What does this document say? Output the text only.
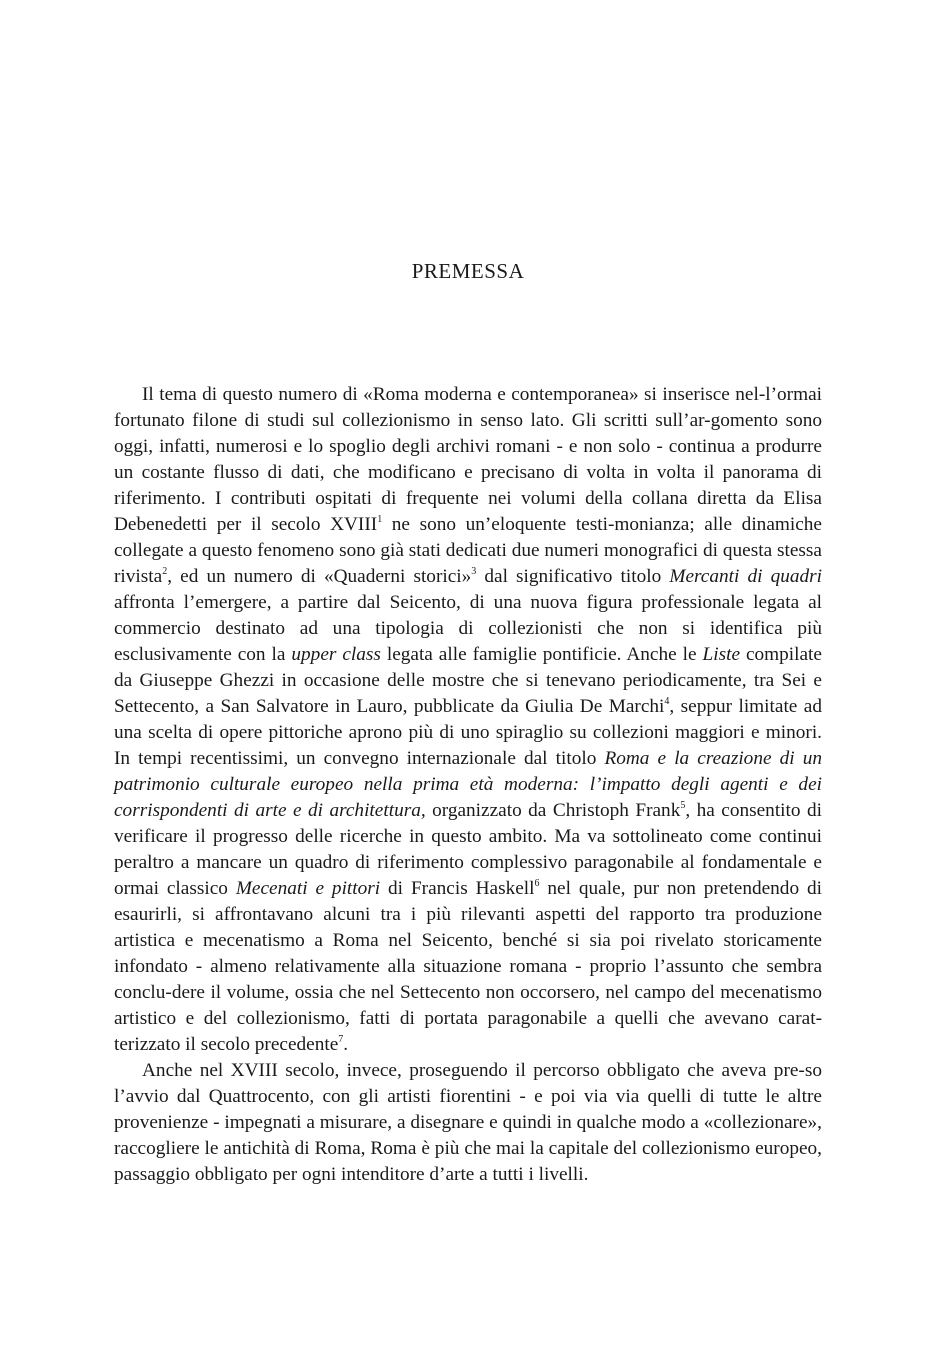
PREMESSA

Il tema di questo numero di «Roma moderna e contemporanea» si inserisce nel-l’ormai fortunato filone di studi sul collezionismo in senso lato. Gli scritti sull’ar-gomento sono oggi, infatti, numerosi e lo spoglio degli archivi romani - e non solo - continua a produrre un costante flusso di dati, che modificano e precisano di volta in volta il panorama di riferimento. I contributi ospitati di frequente nei volumi della collana diretta da Elisa Debenedetti per il secolo XVIII$^1$ ne sono un’eloquente testi-monianza; alle dinamiche collegate a questo fenomeno sono già stati dedicati due numeri monografici di questa stessa rivista$^2$, ed un numero di «Quaderni storici»$^3$ dal significativo titolo Mercanti di quadri affronta l’emergere, a partire dal Seicento, di una nuova figura professionale legata al commercio destinato ad una tipologia di collezionisti che non si identifica più esclusivamente con la upper class legata alle famiglie pontificie. Anche le Liste compilate da Giuseppe Ghezzi in occasione delle mostre che si tenevano periodicamente, tra Sei e Settecento, a San Salvatore in Lauro, pubblicate da Giulia De Marchi$^4$, seppur limitate ad una scelta di opere pittoriche aprono più di uno spiraglio su collezioni maggiori e minori. In tempi recentissimi, un convegno internazionale dal titolo Roma e la creazione di un patrimonio culturale europeo nella prima età moderna: l’impatto degli agenti e dei corrispondenti di arte e di architettura, organizzato da Christoph Frank$^5$, ha consentito di verificare il progresso delle ricerche in questo ambito. Ma va sottolineato come continui peraltro a mancare un quadro di riferimento complessivo paragonabile al fondamentale e ormai classico Mecenati e pittori di Francis Haskell$^6$ nel quale, pur non pretendendo di esaurirli, si affrontavano alcuni tra i più rilevanti aspetti del rapporto tra produzione artistica e mecenatismo a Roma nel Seicento, benché si sia poi rivelato storicamente infondato - almeno relativamente alla situazione romana - proprio l’assunto che sembra conclu-dere il volume, ossia che nel Settecento non occorsero, nel campo del mecenatismo artistico e del collezionismo, fatti di portata paragonabile a quelli che avevano carat-terizzato il secolo precedente$^7$.

Anche nel XVIII secolo, invece, proseguendo il percorso obbligato che aveva pre-so l’avvio dal Quattrocento, con gli artisti fiorentini - e poi via via quelli di tutte le altre provenienze - impegnati a misurare, a disegnare e quindi in qualche modo a «collezionare», raccogliere le antichità di Roma, Roma è più che mai la capitale del collezionismo europeo, passaggio obbligato per ogni intenditore d’arte a tutti i livelli.
